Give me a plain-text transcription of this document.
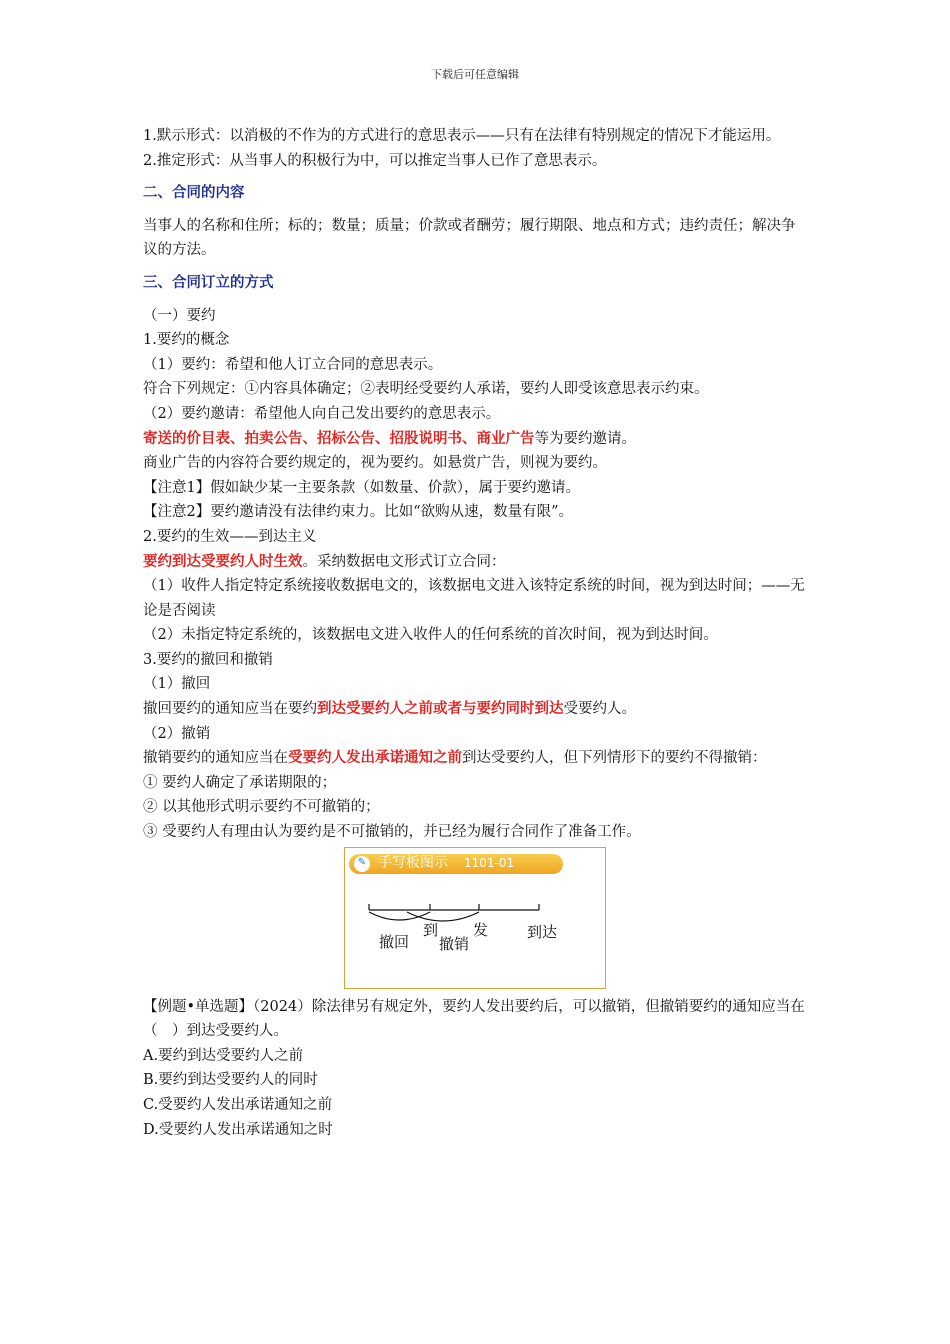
下载后可任意编辑

1.默示形式：以消极的不作为的方式进行的意思表示——只有在法律有特别规定的情况下才能运用。

2.推定形式：从当事人的积极行为中，可以推定当事人已作了意思表示。

二、合同的内容

当事人的名称和住所；标的；数量；质量；价款或者酬劳；履行期限、地点和方式；违约责任；解决争议的方法。

三、合同订立的方式

（一）要约

1.要约的概念

（1）要约：希望和他人订立合同的意思表示。

符合下列规定：①内容具体确定；②表明经受要约人承诺，要约人即受该意思表示约束。

（2）要约邀请：希望他人向自己发出要约的意思表示。

寄送的价目表、拍卖公告、招标公告、招股说明书、商业广告等为要约邀请。

商业广告的内容符合要约规定的，视为要约。如悬赏广告，则视为要约。

【注意1】假如缺少某一主要条款（如数量、价款），属于要约邀请。

【注意2】要约邀请没有法律约束力。比如“欲购从速，数量有限”。

2.要约的生效——到达主义

要约到达受要约人时生效。采纳数据电文形式订立合同：

（1）收件人指定特定系统接收数据电文的，该数据电文进入该特定系统的时间，视为到达时间；——无论是否阅读

（2）未指定特定系统的，该数据电文进入收件人的任何系统的首次时间，视为到达时间。

3.要约的撤回和撤销

（1）撤回

撤回要约的通知应当在要约到达受要约人之前或者与要约同时到达受要约人。

（2）撤销

撤销要约的通知应当在受要约人发出承诺通知之前到达受要约人，但下列情形下的要约不得撤销：

① 要约人确定了承诺期限的；

② 以其他形式明示要约不可撤销的；

③ 受要约人有理由认为要约是不可撤销的，并已经为履行合同作了准备工作。

✎ 手写板图示 1101-01
撤回
到
撤销
发	到达

【例题•单选题】（2024）除法律另有规定外，要约人发出要约后，可以撤销，但撤销要约的通知应当在（　）到达受要约人。

A.要约到达受要约人之前

B.要约到达受要约人的同时

C.受要约人发出承诺通知之前

D.受要约人发出承诺通知之时
